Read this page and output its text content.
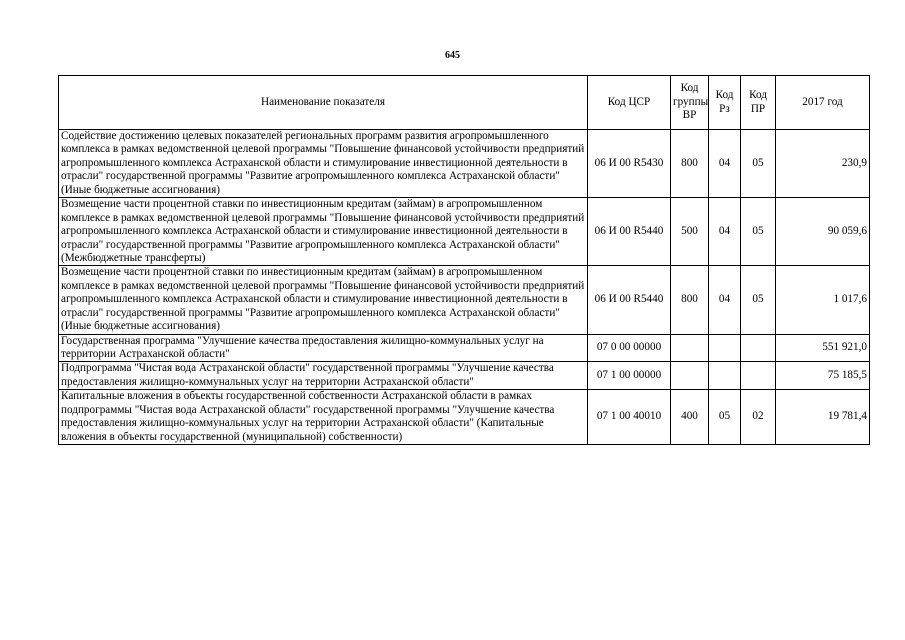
645
Наименование показателя	Код ЦСР	Код группы ВР	Код Рз	Код ПР	2017 год
Содействие достижению целевых показателей региональных программ развития агропромышленного комплекса в рамках ведомственной целевой программы "Повышение финансовой устойчивости предприятий агропромышленного комплекса Астраханской области и стимулирование инвестиционной деятельности в отрасли" государственной программы "Развитие агропромышленного комплекса Астраханской области" (Иные бюджетные ассигнования)	06 И 00 R5430	800	04	05	230,9
Возмещение части процентной ставки по инвестиционным кредитам (займам) в агропромышленном комплексе в рамках ведомственной целевой программы "Повышение финансовой устойчивости предприятий агропромышленного комплекса Астраханской области и стимулирование инвестиционной деятельности в отрасли" государственной программы "Развитие агропромышленного комплекса Астраханской области" (Межбюджетные трансферты)	06 И 00 R5440	500	04	05	90 059,6
Возмещение части процентной ставки по инвестиционным кредитам (займам) в агропромышленном комплексе в рамках ведомственной целевой программы "Повышение финансовой устойчивости предприятий агропромышленного комплекса Астраханской области и стимулирование инвестиционной деятельности в отрасли" государственной программы "Развитие агропромышленного комплекса Астраханской области" (Иные бюджетные ассигнования)	06 И 00 R5440	800	04	05	1 017,6
Государственная программа "Улучшение качества предоставления жилищно-коммунальных услуг на территории Астраханской области"	07 0 00 00000				551 921,0
Подпрограмма "Чистая вода Астраханской области" государственной программы "Улучшение качества предоставления жилищно-коммунальных услуг на территории Астраханской области"	07 1 00 00000				75 185,5
Капитальные вложения в объекты государственной собственности Астраханской области в рамках подпрограммы "Чистая вода Астраханской области" государственной программы "Улучшение качества предоставления жилищно-коммунальных услуг на территории Астраханской области" (Капитальные вложения в объекты государственной (муниципальной) собственности)	07 1 00 40010	400	05	02	19 781,4
